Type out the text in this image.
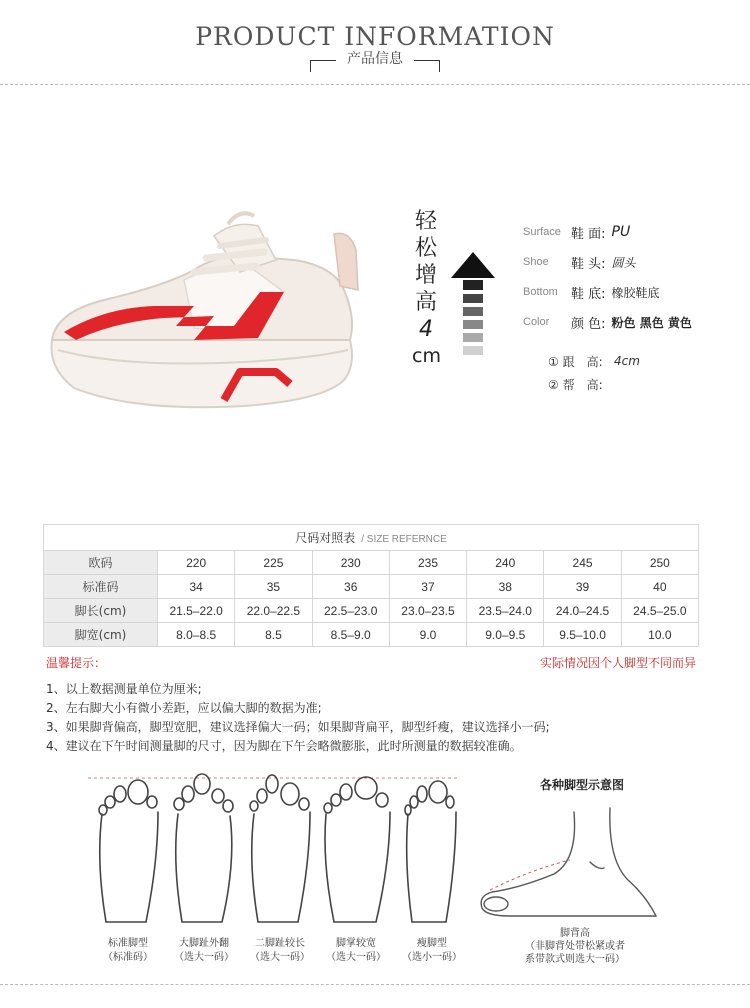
PRODUCT INFORMATION
产品信息
轻
松
增
高
4
cm
Surface 鞋 面: PU
Shoe	鞋 头: 圆头
Bottom	鞋 底: 橡胶鞋底
Color	颜 色: 粉色 黑色 黄色
① 跟　高: 4cm
② 帮　高:
尺码对照表 / SIZE REFERNCE							
欧码	220	225	230	235	240	245	250
标准码	34	35	36	37	38	39	40
脚长(cm)	21.5–22.0	22.0–22.5	22.5–23.0	23.0–23.5	23.5–24.0	24.0–24.5	24.5–25.0
脚宽(cm)	8.0–8.5	8.5	8.5–9.0	9.0	9.0–9.5	9.5–10.0	10.0
温馨提示：	实际情况因个人脚型不同而异
1、以上数据测量单位为厘米;
2、左右脚大小有微小差距，应以偏大脚的数据为准;
3、如果脚背偏高，脚型宽肥，建议选择偏大一码；如果脚背扁平，脚型纤瘦，建议选择小一码;
4、建议在下午时间测量脚的尺寸，因为脚在下午会略微膨胀，此时所测量的数据较准确。
标准脚型
（标准码）
大脚趾外翻
（选大一码）
二脚趾较长
（选大一码）
脚掌较宽
（选大一码）
瘦脚型
（选小一码）
各种脚型示意图
脚背高
（非脚背处带松紧或者
系带款式则选大一码）
